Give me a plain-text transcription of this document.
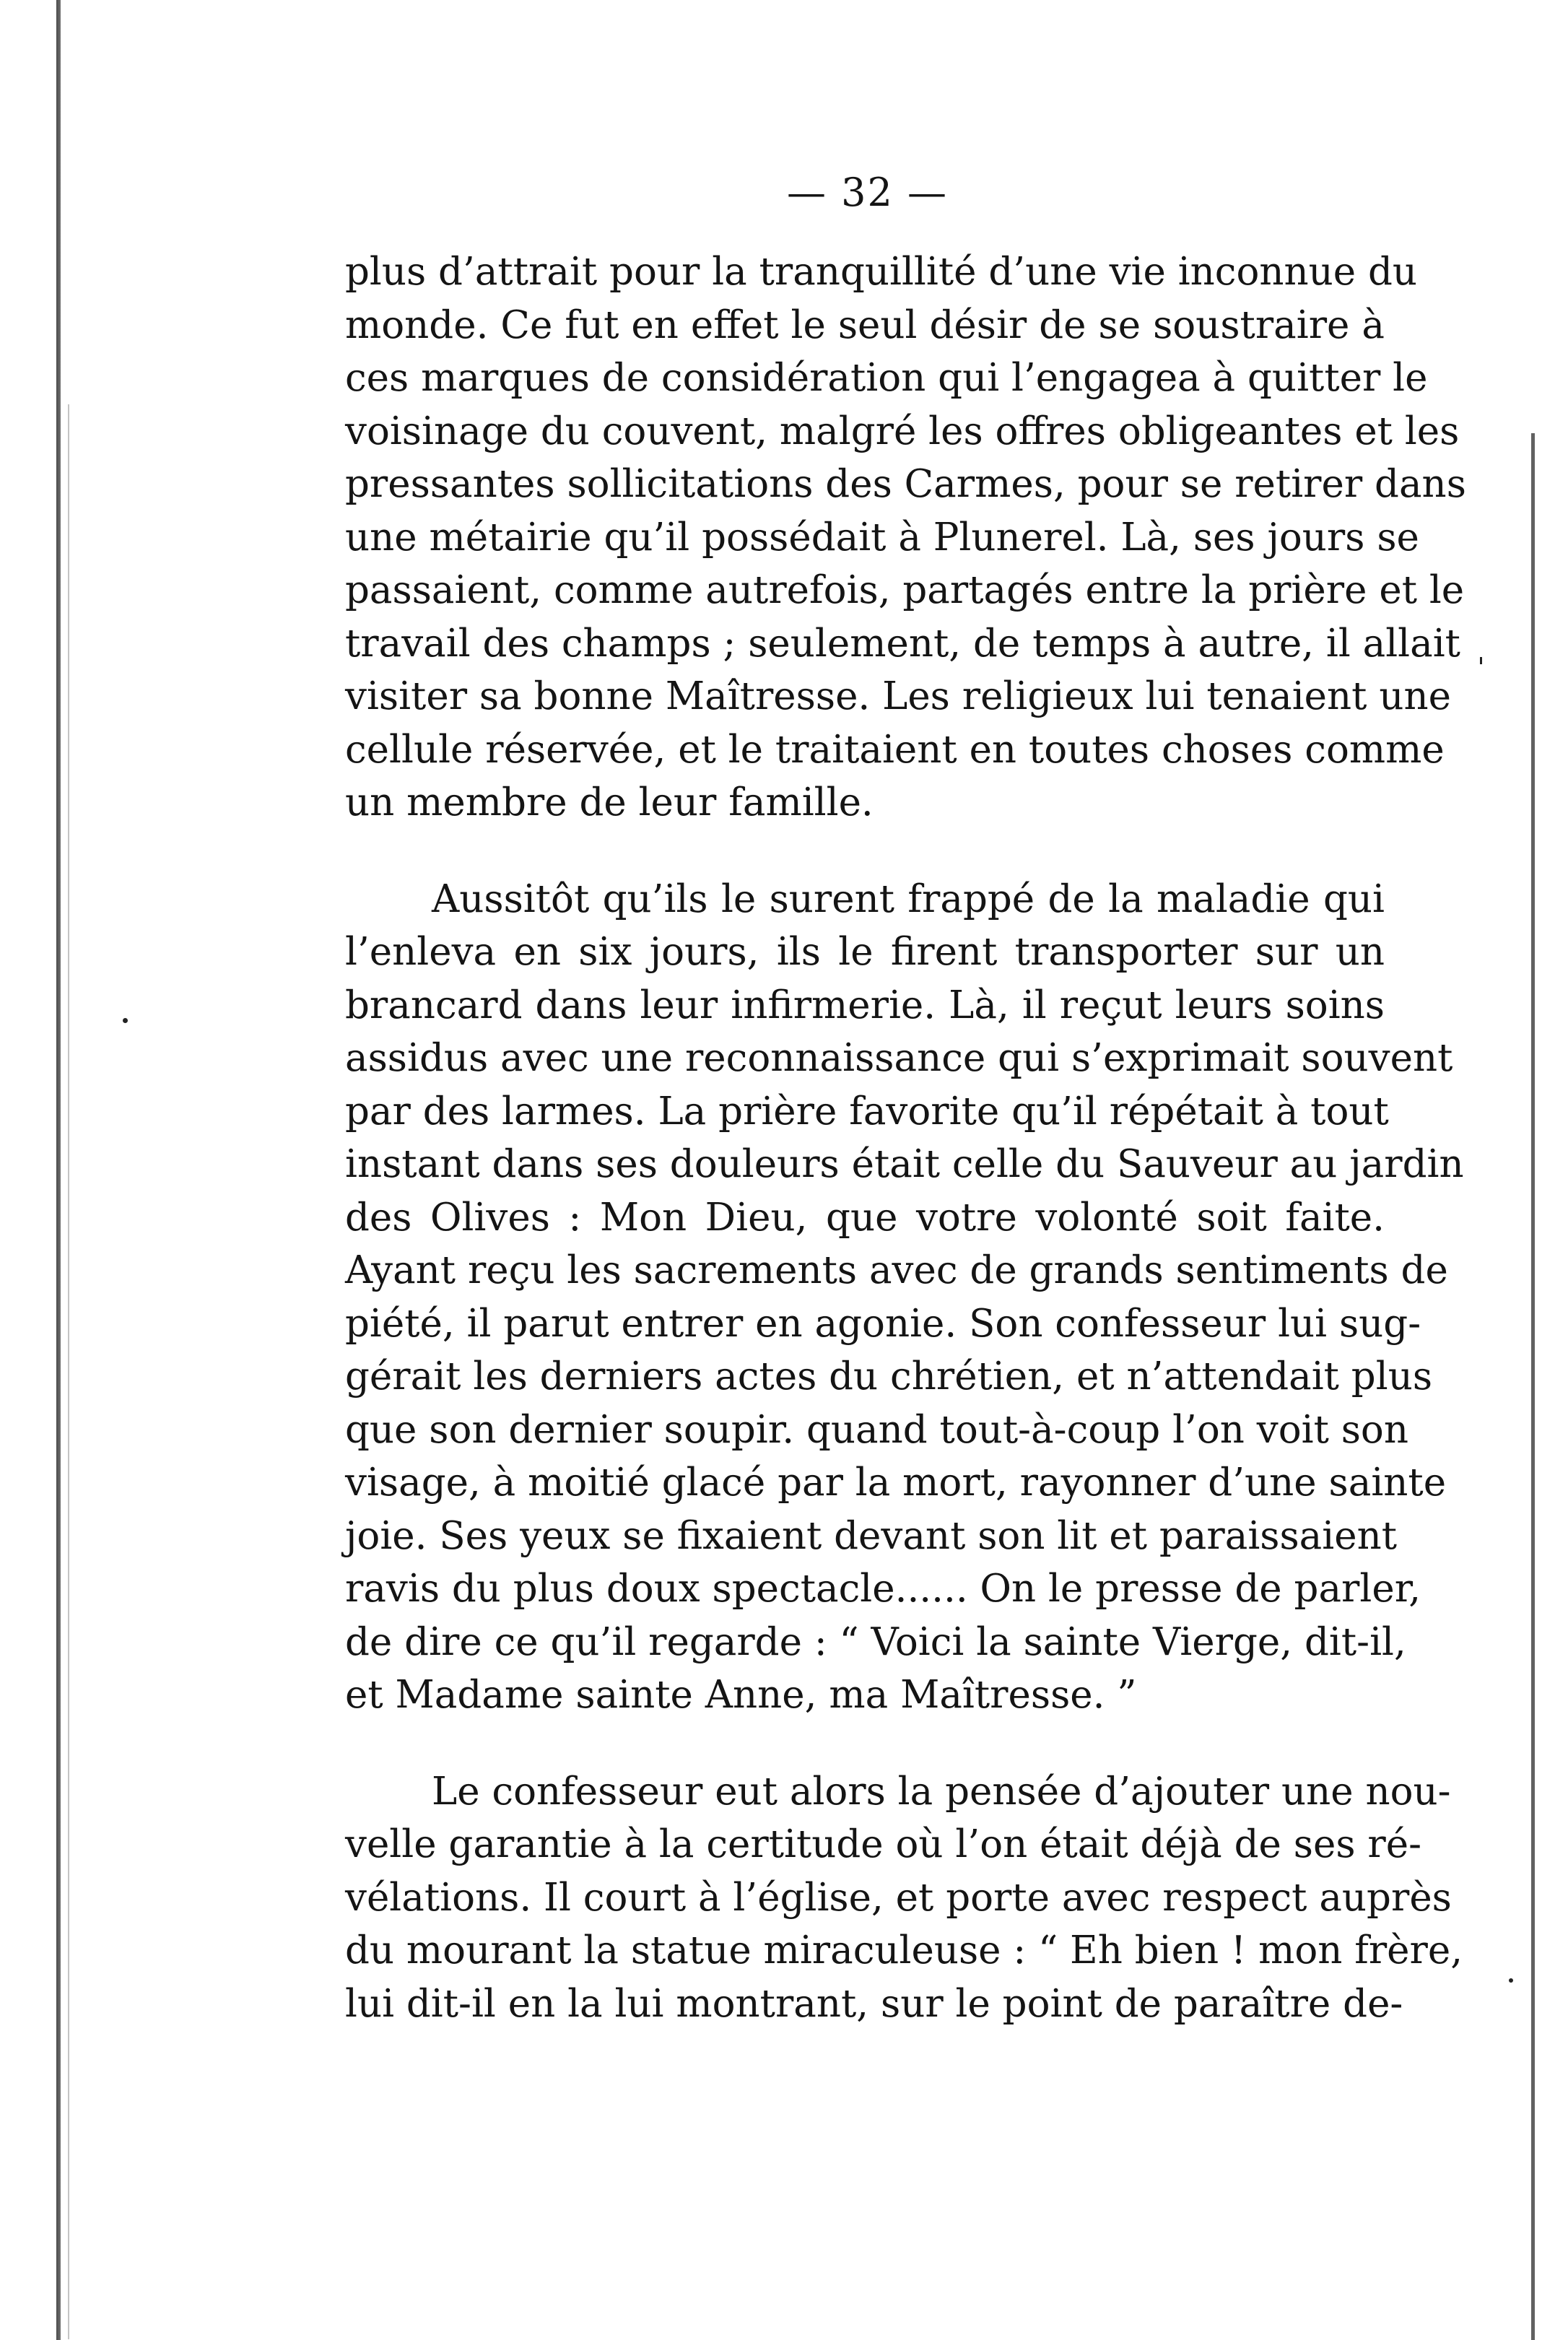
— 32 —
plus d’attrait pour la tranquillité d’une vie inconnue du
monde. Ce fut en effet le seul désir de se soustraire à
ces marques de considération qui l’engagea à quitter le
voisinage du couvent, malgré les offres obligeantes et les
pressantes sollicitations des Carmes, pour se retirer dans
une métairie qu’il possédait à Plunerel. Là, ses jours se
passaient, comme autrefois, partagés entre la prière et le
travail des champs ; seulement, de temps à autre, il allait
visiter sa bonne Maîtresse. Les religieux lui tenaient une
cellule réservée, et le traitaient en toutes choses comme
un membre de leur famille.
Aussitôt qu’ils le surent frappé de la maladie qui
l’enleva en six jours, ils le firent transporter sur un
brancard dans leur infirmerie. Là, il reçut leurs soins
assidus avec une reconnaissance qui s’exprimait souvent
par des larmes. La prière favorite qu’il répétait à tout
instant dans ses douleurs était celle du Sauveur au jardin
des Olives : Mon Dieu, que votre volonté soit faite.
Ayant reçu les sacrements avec de grands sentiments de
piété, il parut entrer en agonie. Son confesseur lui sug-
gérait les derniers actes du chrétien, et n’attendait plus
que son dernier soupir. quand tout-à-coup l’on voit son
visage, à moitié glacé par la mort, rayonner d’une sainte
joie. Ses yeux se fixaient devant son lit et paraissaient
ravis du plus doux spectacle...... On le presse de parler,
de dire ce qu’il regarde : “ Voici la sainte Vierge, dit-il,
et Madame sainte Anne, ma Maîtresse. ”
Le confesseur eut alors la pensée d’ajouter une nou-
velle garantie à la certitude où l’on était déjà de ses ré-
vélations. Il court à l’église, et porte avec respect auprès
du mourant la statue miraculeuse : “ Eh bien ! mon frère,
lui dit-il en la lui montrant, sur le point de paraître de-
